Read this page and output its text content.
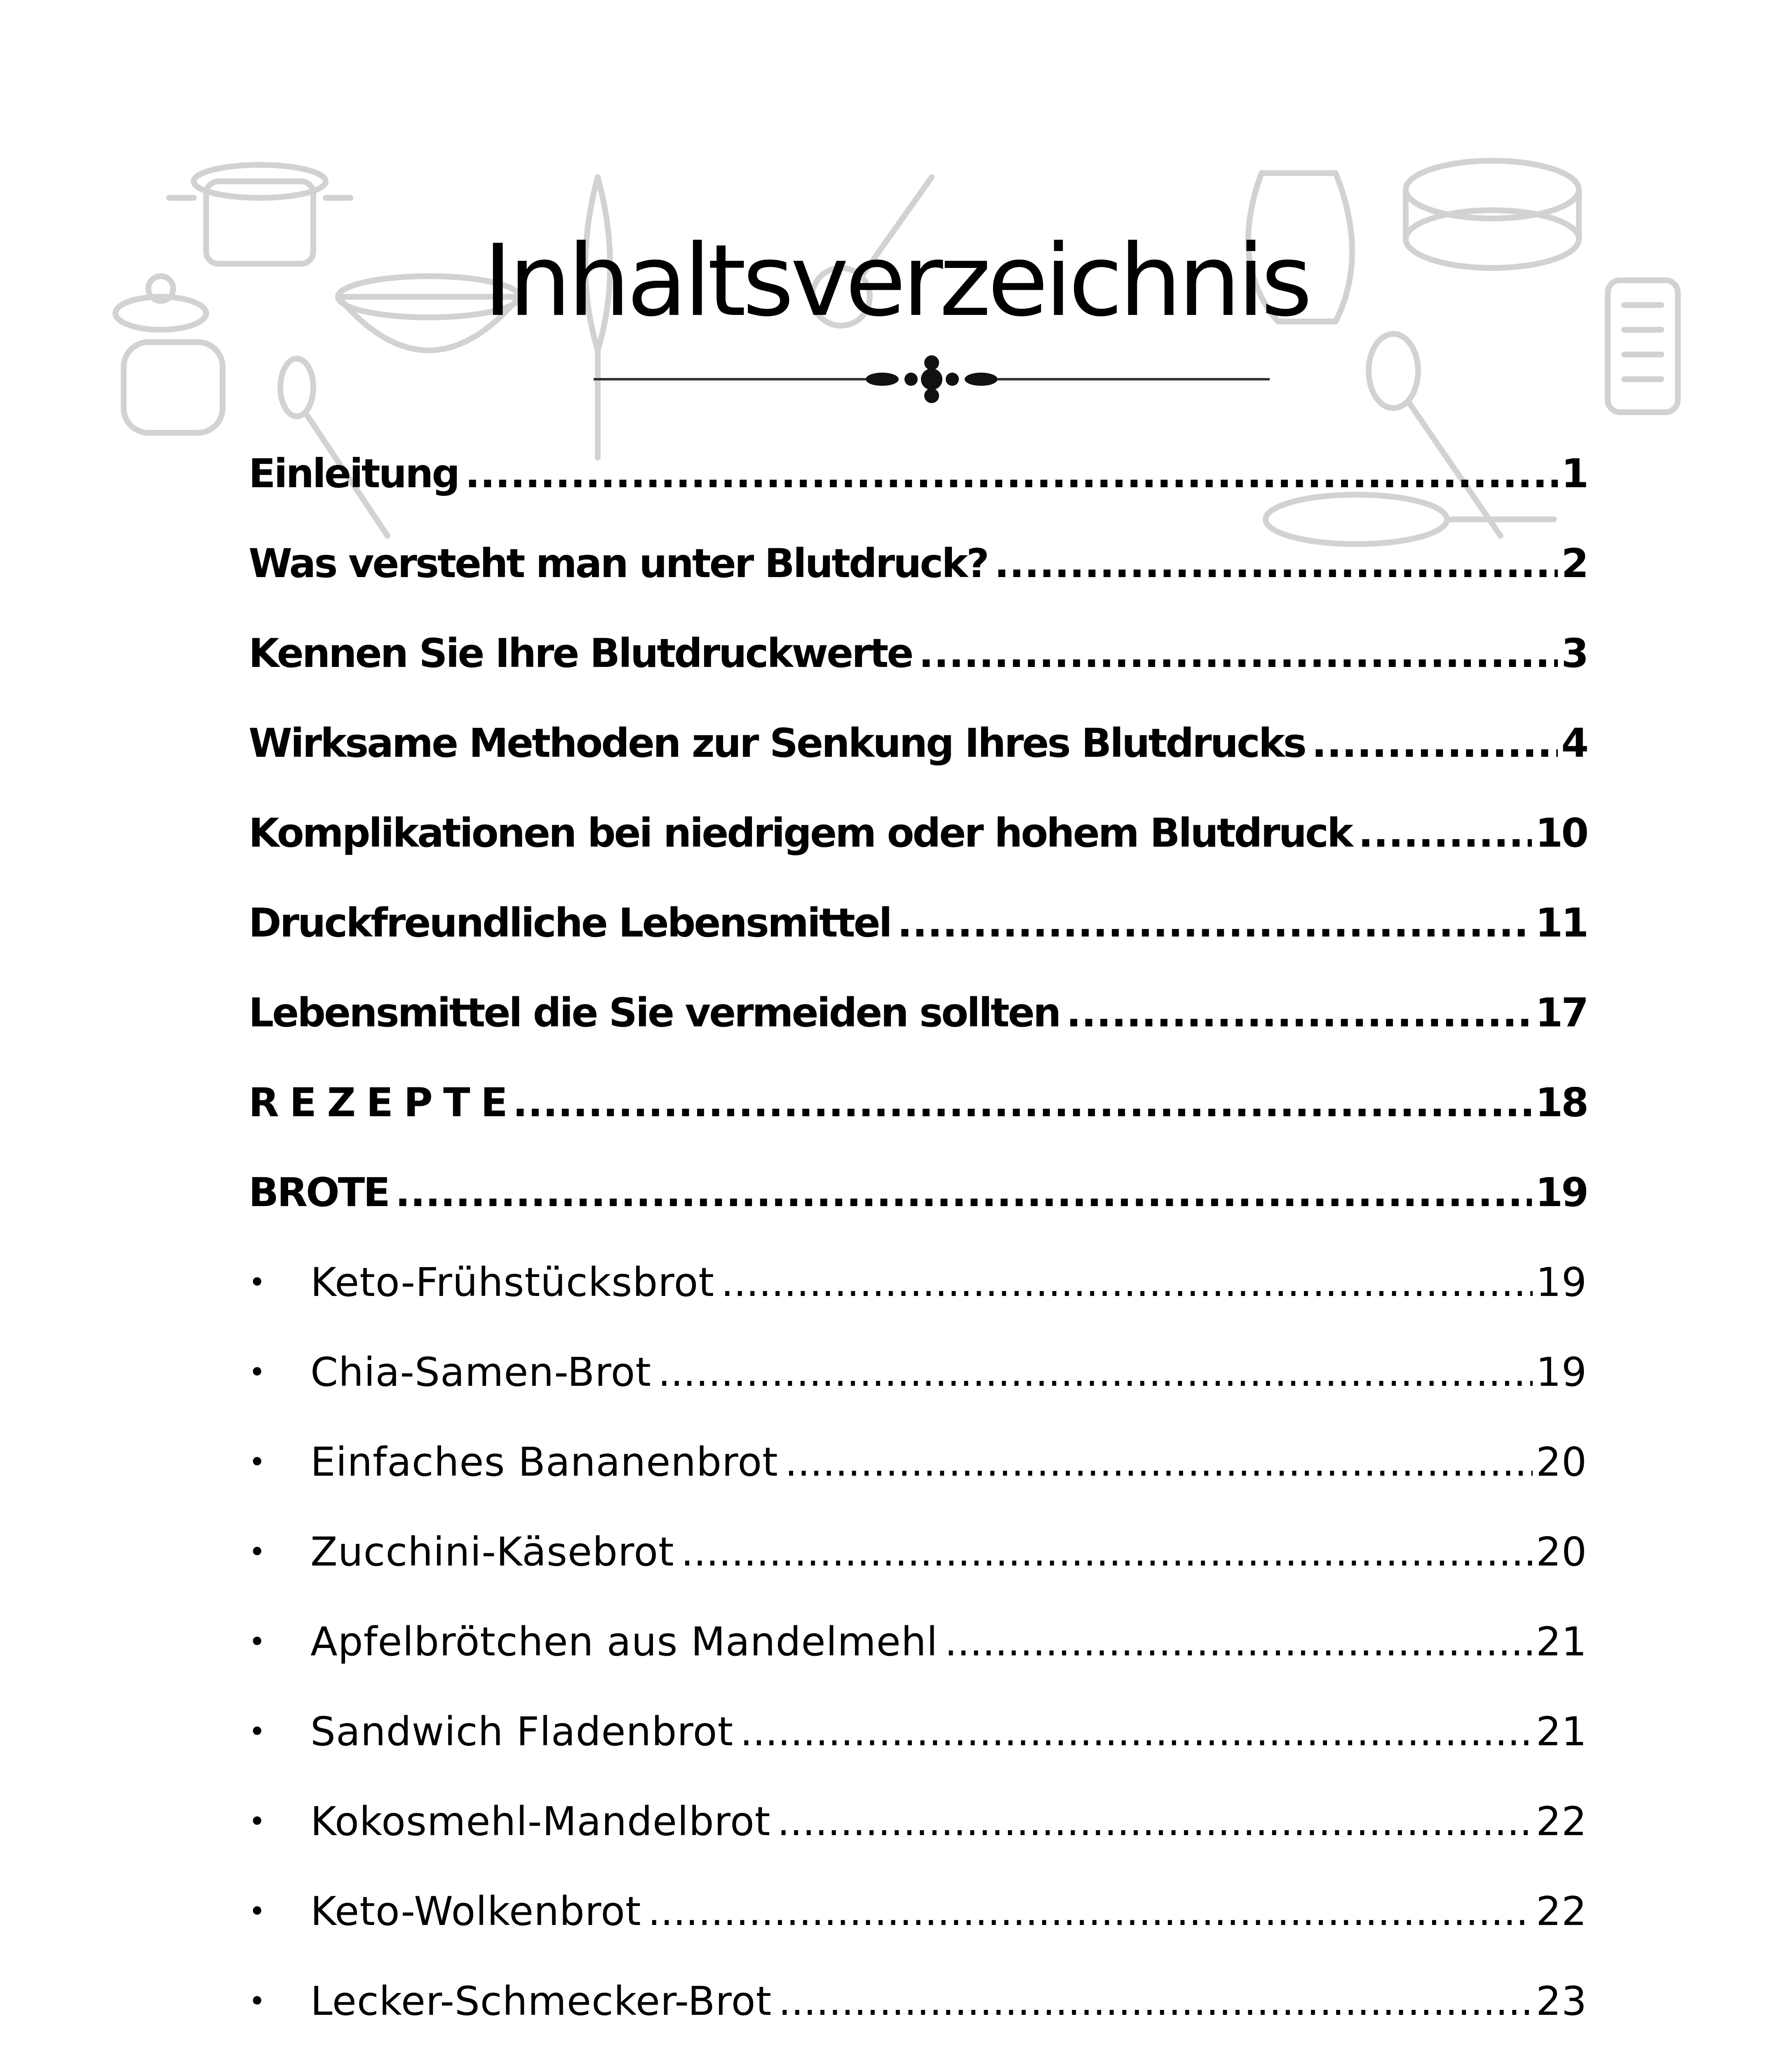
Inhaltsverzeichnis
Einleitung .....	1
Was versteht man unter Blutdruck? .....	2
Kennen Sie Ihre Blutdruckwerte .....	3
Wirksame Methoden zur Senkung Ihres Blutdrucks .....	4
Komplikationen bei niedrigem oder hohem Blutdruck .....	10
Druckfreundliche Lebensmittel .....	11
Lebensmittel die Sie vermeiden sollten .....	17
R E Z E P T E .....	18
BROTE .....	19
•	Keto-Frühstücksbrot .....	19
•	Chia-Samen-Brot .....	19
•	Einfaches Bananenbrot .....	20
•	Zucchini-Käsebrot .....	20
•	Apfelbrötchen aus Mandelmehl .....	21
•	Sandwich Fladenbrot .....	21
•	Kokosmehl-Mandelbrot .....	22
•	Keto-Wolkenbrot .....	22
•	Lecker-Schmecker-Brot .....	23
